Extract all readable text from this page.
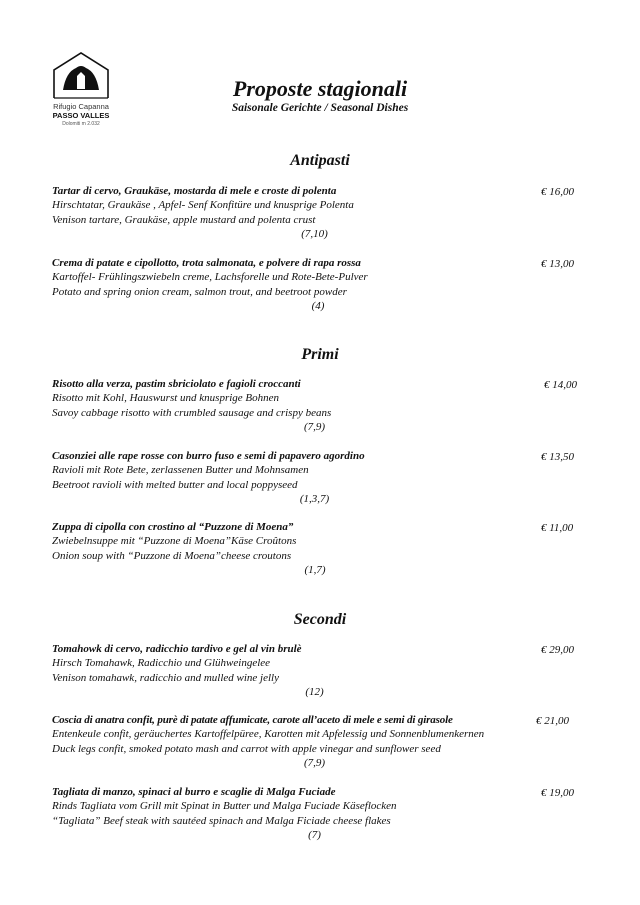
Rifugio Capanna
PASSO VALLES
Dolomiti m 2.032
Proposte stagionali
Saisonale Gerichte / Seasonal Dishes
Antipasti
Tartar di cervo, Graukäse, mostarda di mele e croste di polenta
Hirschtatar, Graukäse , Apfel- Senf Konfitüre und knusprige Polenta
Venison tartare, Graukäse, apple mustard and polenta crust
(7,10)
€ 16,00
Crema di patate e cipollotto, trota salmonata, e polvere di rapa rossa
Kartoffel- Frühlingszwiebeln creme, Lachsforelle und Rote-Bete-Pulver
Potato and spring onion cream, salmon trout, and beetroot powder
(4)
€ 13,00
Primi
Risotto alla verza, pastim sbriciolato e fagioli croccanti
Risotto mit Kohl, Hauswurst und knusprige Bohnen
Savoy cabbage risotto with crumbled sausage and crispy beans
(7,9)
€ 14,00
Casonziei alle rape rosse con burro fuso e semi di papavero agordino
Ravioli mit Rote Bete, zerlassenen Butter und Mohnsamen
Beetroot ravioli with melted butter and local poppyseed
(1,3,7)
€ 13,50
Zuppa di cipolla con crostino al “Puzzone di Moena”
Zwiebelnsuppe mit “Puzzone di Moena”Käse Croûtons
Onion soup with “Puzzone di Moena”cheese croutons
(1,7)
€ 11,00
Secondi
Tomahowk di cervo, radicchio tardivo e gel al vin brulè
Hirsch Tomahawk, Radicchio und Glühweingelee
Venison tomahawk, radicchio and mulled wine jelly
(12)
€ 29,00
Coscia di anatra confit, purè di patate affumicate, carote all’aceto di mele e semi di girasole
Entenkeule confit, geräuchertes Kartoffelpüree, Karotten mit Apfelessig und Sonnenblumenkernen
Duck legs confit, smoked potato mash and carrot with apple vinegar and sunflower seed
(7,9)
€ 21,00
Tagliata di manzo, spinaci al burro e scaglie di Malga Fuciade
Rinds Tagliata vom Grill mit Spinat in Butter und Malga Fuciade Käseflocken
“Tagliata” Beef steak with sautéed spinach and Malga Ficiade cheese flakes
(7)
€ 19,00
